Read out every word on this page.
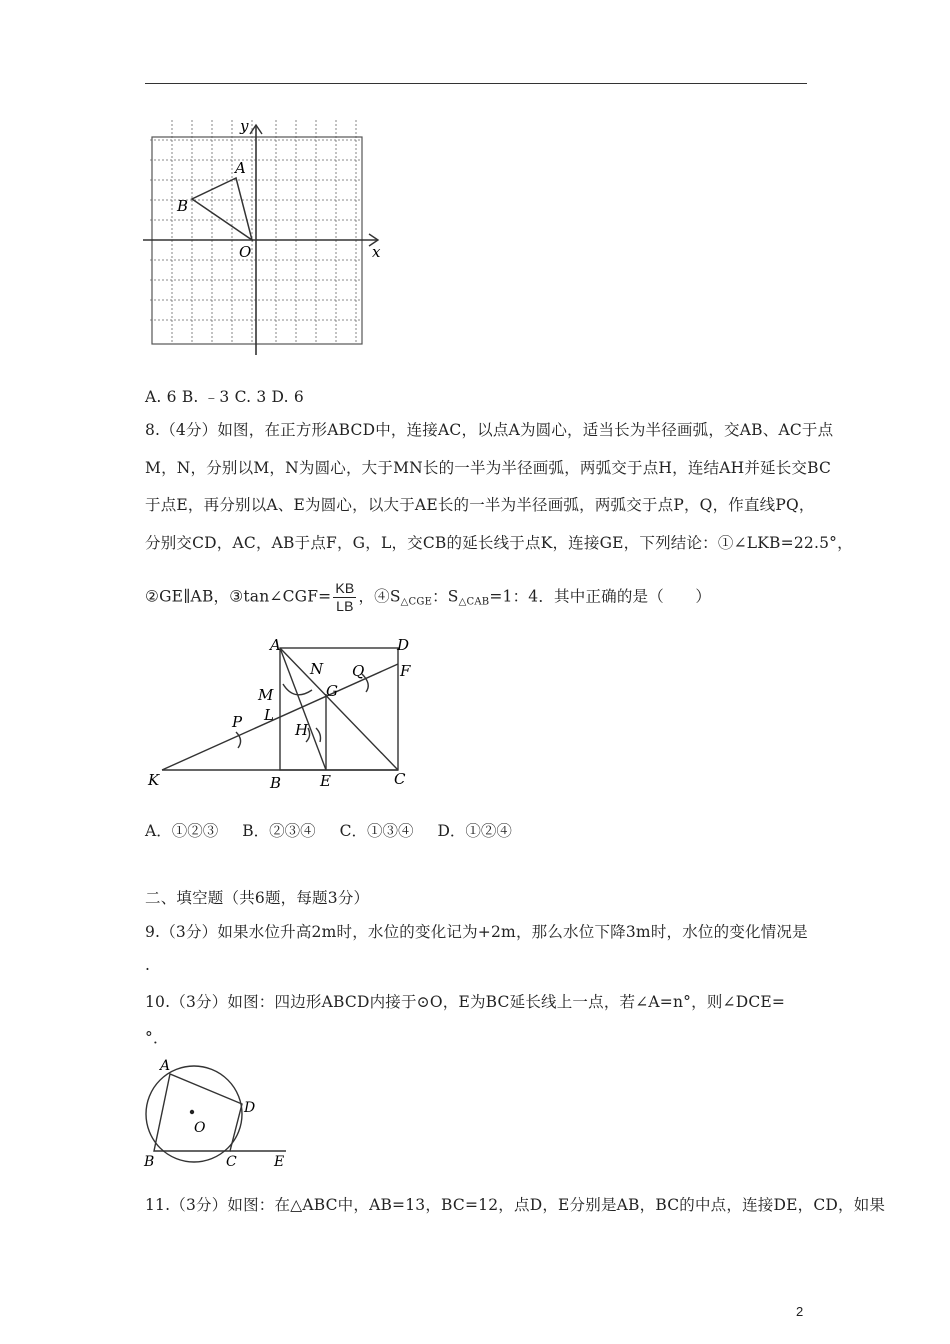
y
x
A
B
O
A. 6 B. ﹣3 C. 3 D. 6
8.（4分）如图，在正方形ABCD中，连接AC，以点A为圆心，适当长为半径画弧，交AB、AC于点
M，N，分别以M，N为圆心，大于MN长的一半为半径画弧，两弧交于点H，连结AH并延长交BC
于点E，再分别以A、E为圆心，以大于AE长的一半为半径画弧，两弧交于点P，Q，作直线PQ，
分别交CD，AC，AB于点F，G，L，交CB的延长线于点K，连接GE，下列结论：①∠LKB=22.5°，
②GE∥AB，③tan∠CGF= $\frac{KB}{LB}$ ，$④S_{\triangle CGE}$：$S_{\triangle CAB}=1$：4．其中正确的是（　　）
A	D
F
N Q
G
M
L
P	H
K	B	E	C
A．①②③ B．②③④ C．①③④ D．①②④
二、填空题（共6题，每题3分）
9.（3分）如果水位升高2m时，水位的变化记为+2m，那么水位下降3m时，水位的变化情况是
.
10.（3分）如图：四边形ABCD内接于⊙O，E为BC延长线上一点，若∠A=n°，则∠DCE=
°．
A
D
O
B	C	E
11.（3分）如图：在△ABC中，AB=13，BC=12，点D，E分别是AB，BC的中点，连接DE，CD，如果
2
